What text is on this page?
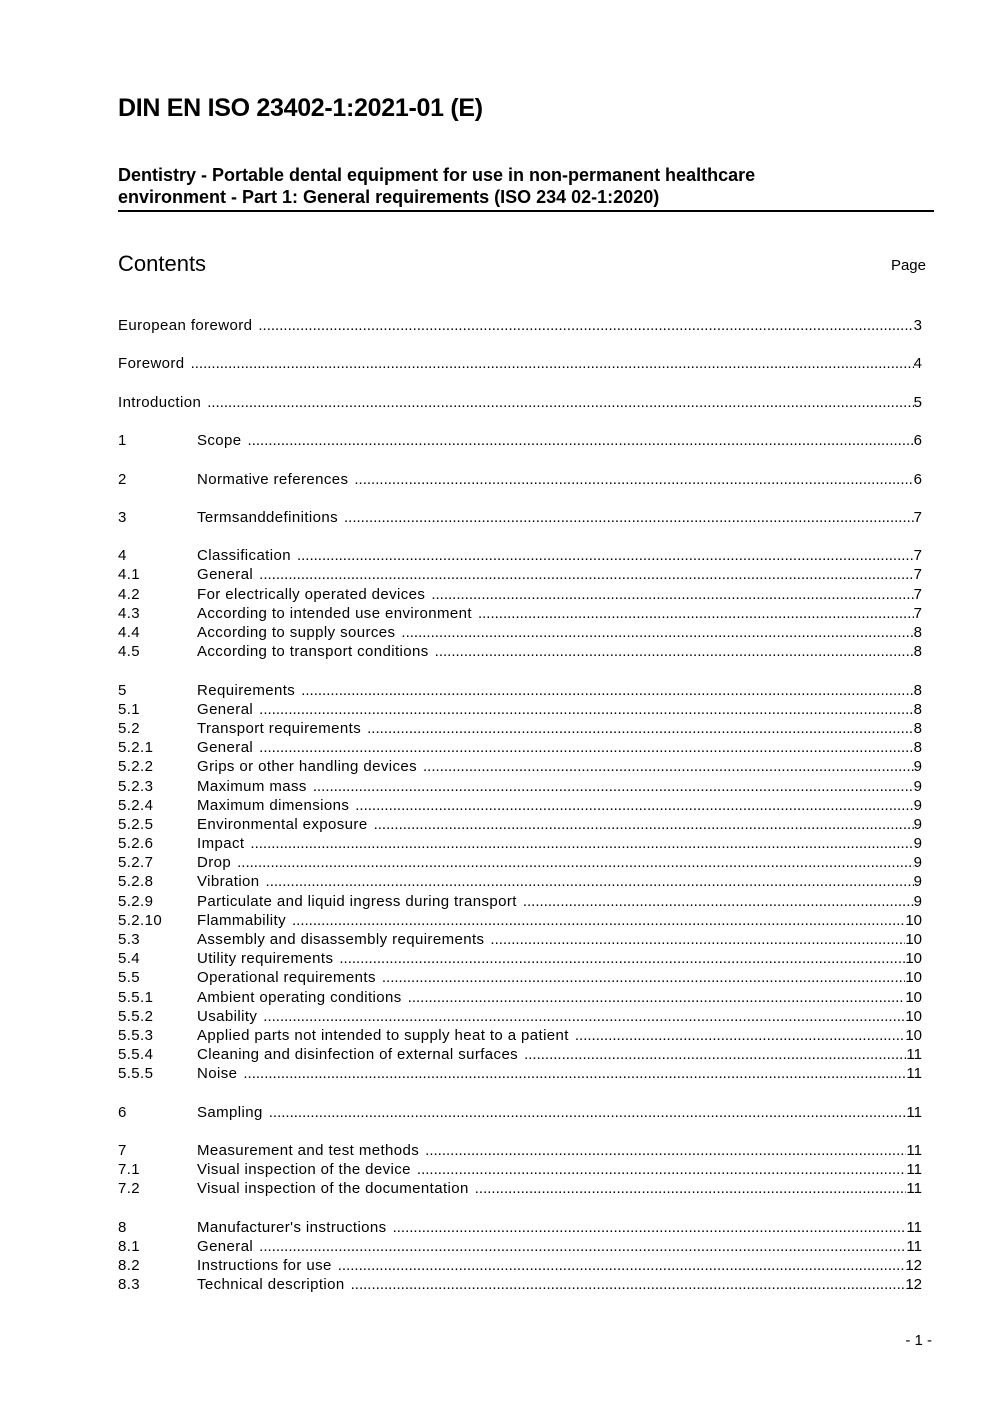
DIN EN ISO 23402-1:2021-01 (E)
Dentistry - Portable dental equipment for use in non-permanent healthcare
environment - Part 1: General requirements (ISO 234 02-1:2020)
Contents	Page
European foreword .....	3
Foreword .....	4
Introduction .....	5
1	Scope .....	6
2	Normative references .....	6
3	Termsanddefinitions .....	7
4	Classification .....	7
4.1	General .....	7
4.2	For electrically operated devices .....	7
4.3	According to intended use environment .....	7
4.4	According to supply sources .....	8
4.5	According to transport conditions .....	8
5	Requirements .....	8
5.1	General .....	8
5.2	Transport requirements .....	8
5.2.1	General .....	8
5.2.2	Grips or other handling devices .....	9
5.2.3	Maximum mass .....	9
5.2.4	Maximum dimensions .....	9
5.2.5	Environmental exposure .....	9
5.2.6	Impact .....	9
5.2.7	Drop .....	9
5.2.8	Vibration .....	9
5.2.9	Particulate and liquid ingress during transport .....	9
5.2.10	Flammability .....	10
5.3	Assembly and disassembly requirements .....	10
5.4	Utility requirements .....	10
5.5	Operational requirements .....	10
5.5.1	Ambient operating conditions .....	10
5.5.2	Usability .....	10
5.5.3	Applied parts not intended to supply heat to a patient .....	10
5.5.4	Cleaning and disinfection of external surfaces .....	11
5.5.5	Noise .....	11
6	Sampling .....	11
7	Measurement and test methods .....	11
7.1	Visual inspection of the device .....	11
7.2	Visual inspection of the documentation .....	11
8	Manufacturer's instructions .....	11
8.1	General .....	11
8.2	Instructions for use .....	12
8.3	Technical description .....	12
- 1 -
